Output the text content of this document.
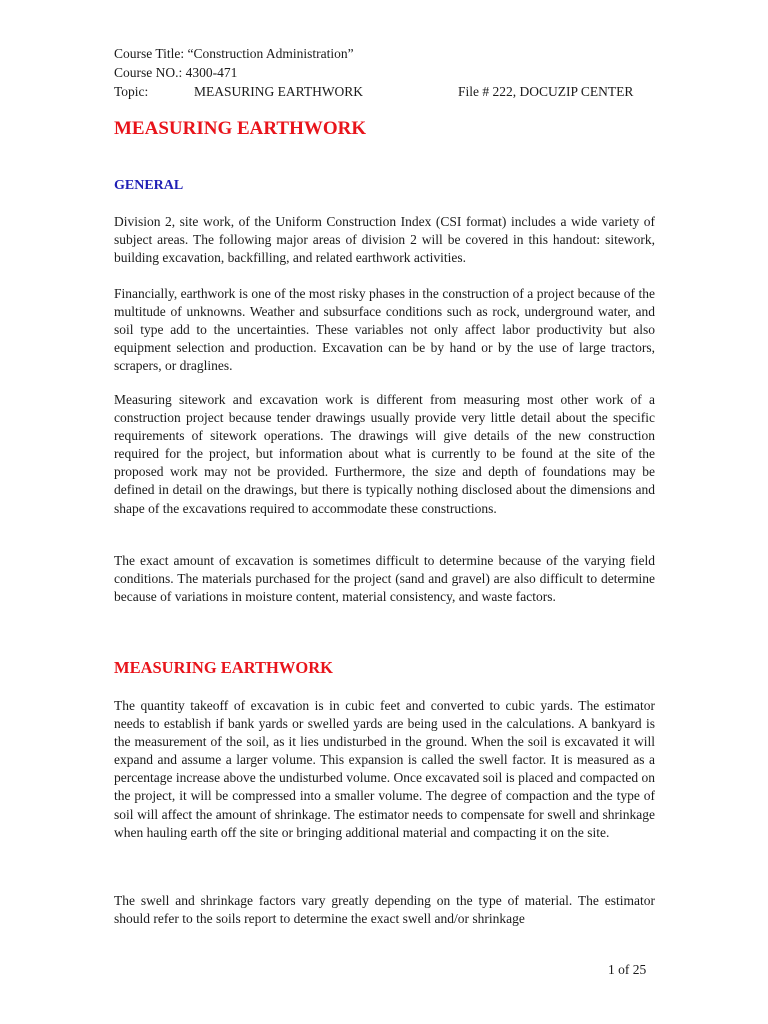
Course Title: “Construction Administration”
Course NO.: 4300-471
Topic:	MEASURING EARTHWORK	File # 222, DOCUZIP CENTER
MEASURING EARTHWORK
GENERAL

Division 2, site work, of the Uniform Construction Index (CSI format) includes a wide variety of subject areas. The following major areas of division 2 will be covered in this handout: sitework, building excavation, backfilling, and related earthwork activities.

Financially, earthwork is one of the most risky phases in the construction of a project because of the multitude of unknowns. Weather and subsurface conditions such as rock, underground water, and soil type add to the uncertainties. These variables not only affect labor productivity but also equipment selection and production. Excavation can be by hand or by the use of large tractors, scrapers, or draglines.

Measuring sitework and excavation work is different from measuring most other work of a construction project because tender drawings usually provide very little detail about the specific requirements of sitework operations. The drawings will give details of the new construction required for the project, but information about what is currently to be found at the site of the proposed work may not be provided. Furthermore, the size and depth of foundations may be defined in detail on the drawings, but there is typically nothing disclosed about the dimensions and shape of the excavations required to accommodate these constructions.

The exact amount of excavation is sometimes difficult to determine because of the varying field conditions. The materials purchased for the project (sand and gravel) are also difficult to determine because of variations in moisture content, material consistency, and waste factors.

MEASURING EARTHWORK

The quantity takeoff of excavation is in cubic feet and converted to cubic yards. The estimator needs to establish if bank yards or swelled yards are being used in the calculations. A bankyard is the measurement of the soil, as it lies undisturbed in the ground. When the soil is excavated it will expand and assume a larger volume. This expansion is called the swell factor. It is measured as a percentage increase above the undisturbed volume. Once excavated soil is placed and compacted on the project, it will be compressed into a smaller volume. The degree of compaction and the type of soil will affect the amount of shrinkage. The estimator needs to compensate for swell and shrinkage when hauling earth off the site or bringing additional material and compacting it on the site.

The swell and shrinkage factors vary greatly depending on the type of material. The estimator should refer to the soils report to determine the exact swell and/or shrinkage

1 of 25
